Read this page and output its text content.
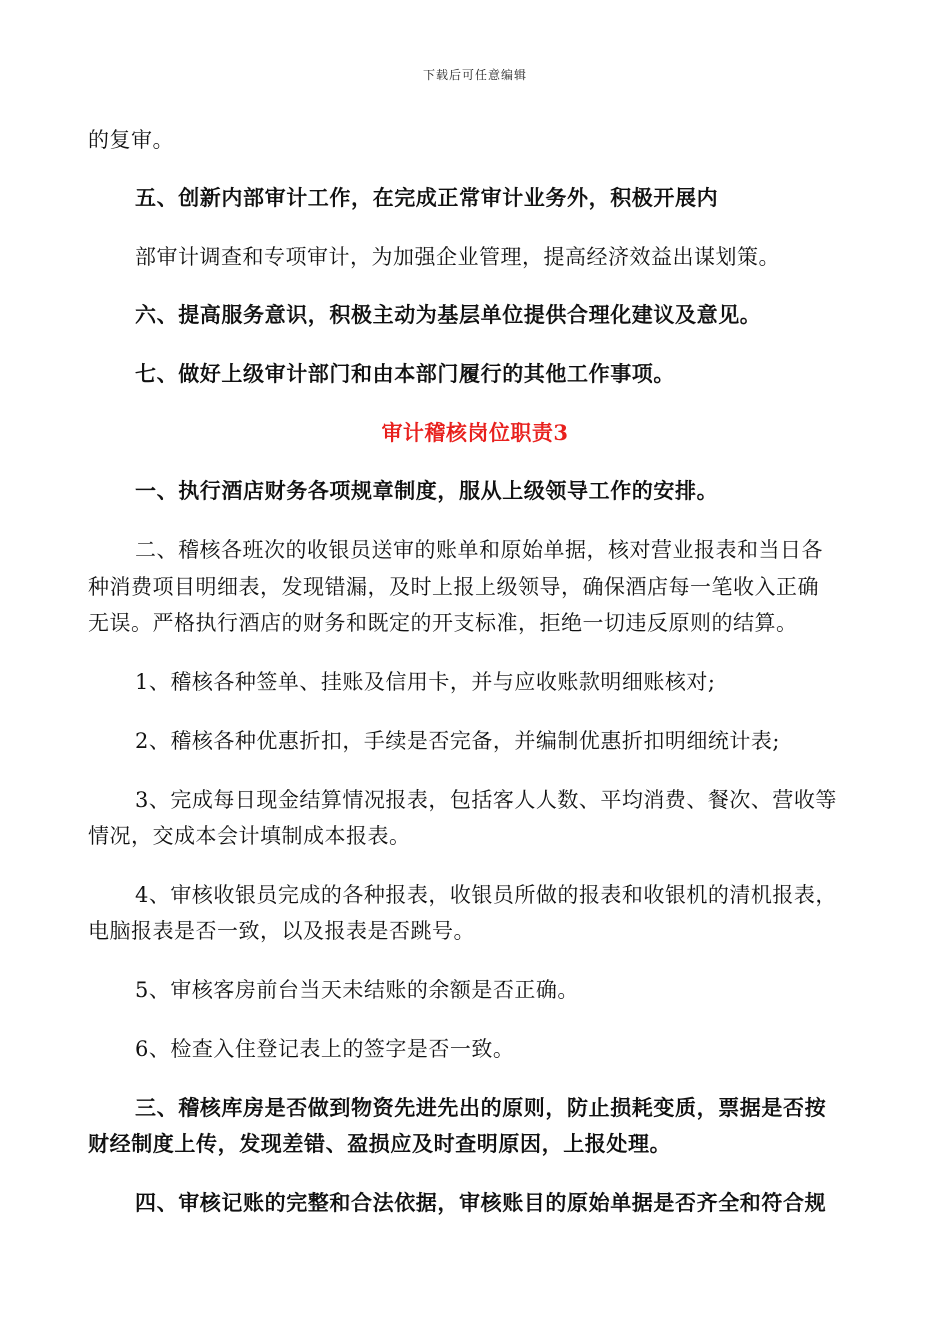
下载后可任意编辑
的复审。
五、创新内部审计工作，在完成正常审计业务外，积极开展内
部审计调查和专项审计，为加强企业管理，提高经济效益出谋划策。
六、提高服务意识，积极主动为基层单位提供合理化建议及意见。
七、做好上级审计部门和由本部门履行的其他工作事项。
审计稽核岗位职责3
一、执行酒店财务各项规章制度，服从上级领导工作的安排。
二、稽核各班次的收银员送审的账单和原始单据，核对营业报表和当日各
种消费项目明细表，发现错漏，及时上报上级领导，确保酒店每一笔收入正确
无误。严格执行酒店的财务和既定的开支标准，拒绝一切违反原则的结算。
1、稽核各种签单、挂账及信用卡，并与应收账款明细账核对;
2、稽核各种优惠折扣，手续是否完备，并编制优惠折扣明细统计表;
3、完成每日现金结算情况报表，包括客人人数、平均消费、餐次、营收等
情况，交成本会计填制成本报表。
4、审核收银员完成的各种报表，收银员所做的报表和收银机的清机报表，
电脑报表是否一致，以及报表是否跳号。
5、审核客房前台当天未结账的余额是否正确。
6、检查入住登记表上的签字是否一致。
三、稽核库房是否做到物资先进先出的原则，防止损耗变质，票据是否按
财经制度上传，发现差错、盈损应及时查明原因，上报处理。
四、审核记账的完整和合法依据，审核账目的原始单据是否齐全和符合规
